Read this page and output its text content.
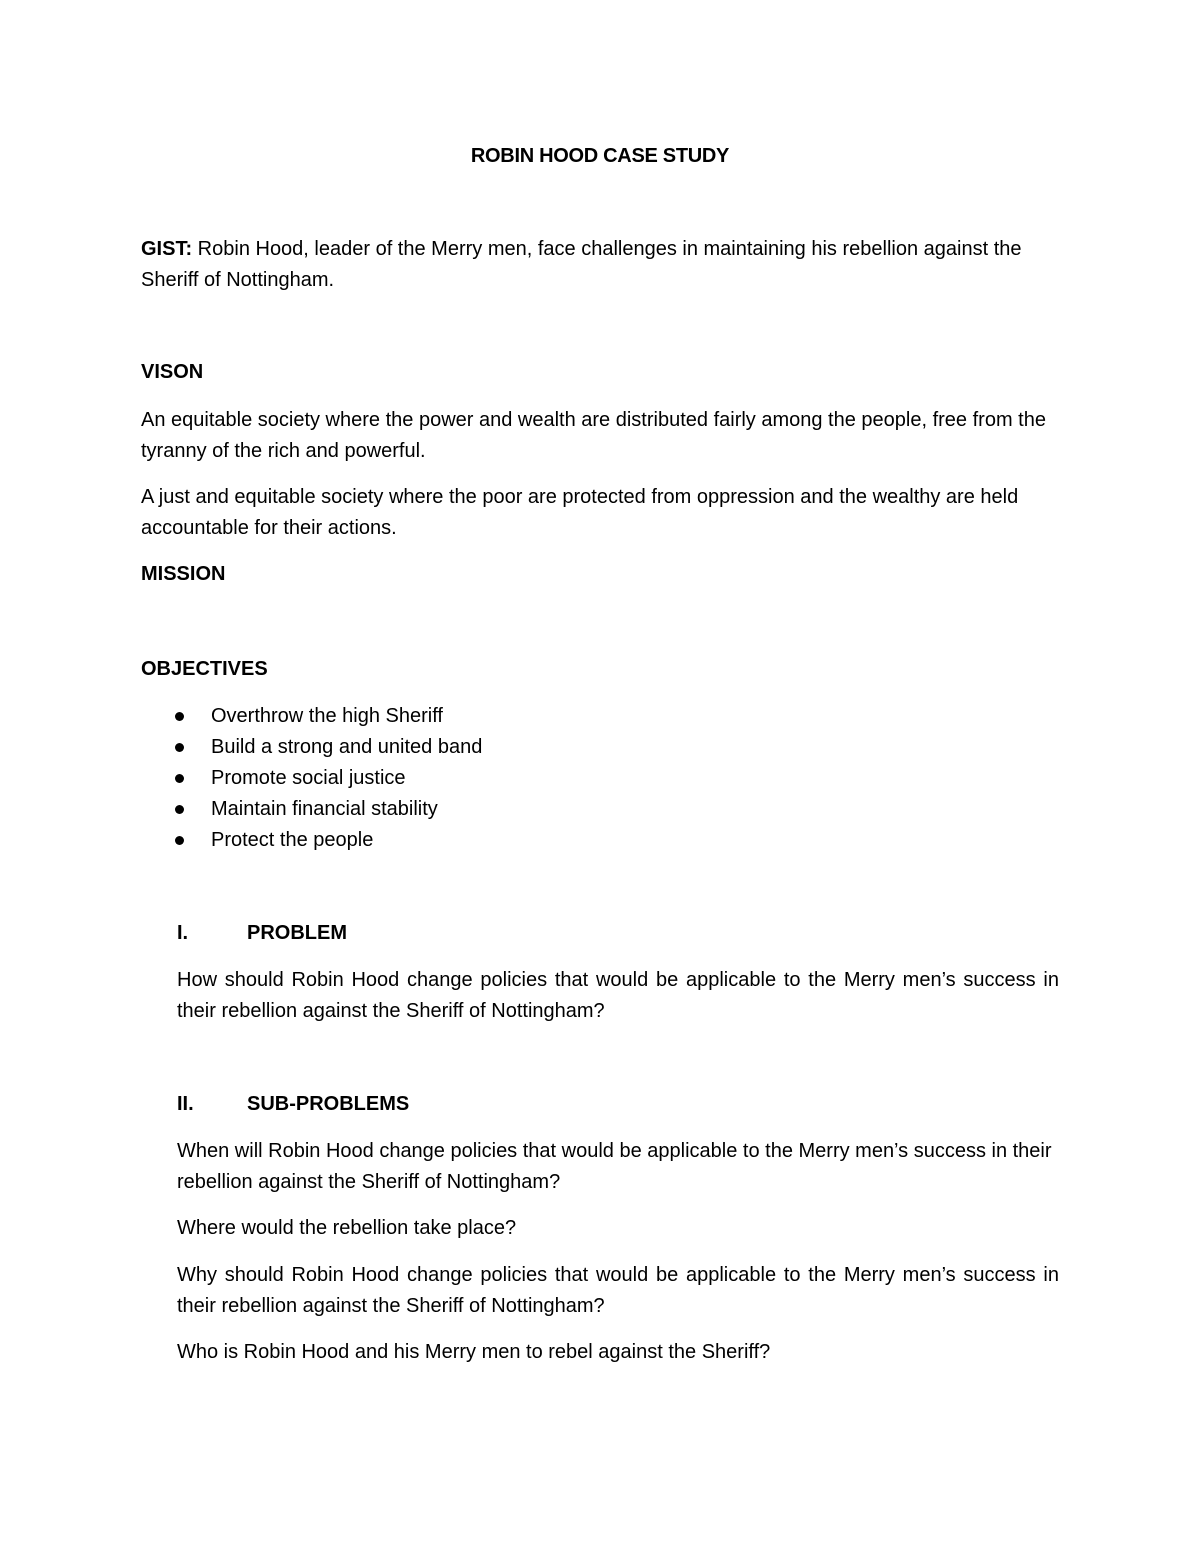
ROBIN HOOD CASE STUDY
GIST: Robin Hood, leader of the Merry men, face challenges in maintaining his rebellion against the Sheriff of Nottingham.
VISON
An equitable society where the power and wealth are distributed fairly among the people, free from the tyranny of the rich and powerful.
A just and equitable society where the poor are protected from oppression and the wealthy are held accountable for their actions.
MISSION
OBJECTIVES
Overthrow the high Sheriff
Build a strong and united band
Promote social justice
Maintain financial stability
Protect the people
I.	PROBLEM
How should Robin Hood change policies that would be applicable to the Merry men’s success in their rebellion against the Sheriff of Nottingham?
II.	SUB-PROBLEMS
When will Robin Hood change policies that would be applicable to the Merry men’s success in their rebellion against the Sheriff of Nottingham?
Where would the rebellion take place?
Why should Robin Hood change policies that would be applicable to the Merry men’s success in their rebellion against the Sheriff of Nottingham?
Who is Robin Hood and his Merry men to rebel against the Sheriff?
